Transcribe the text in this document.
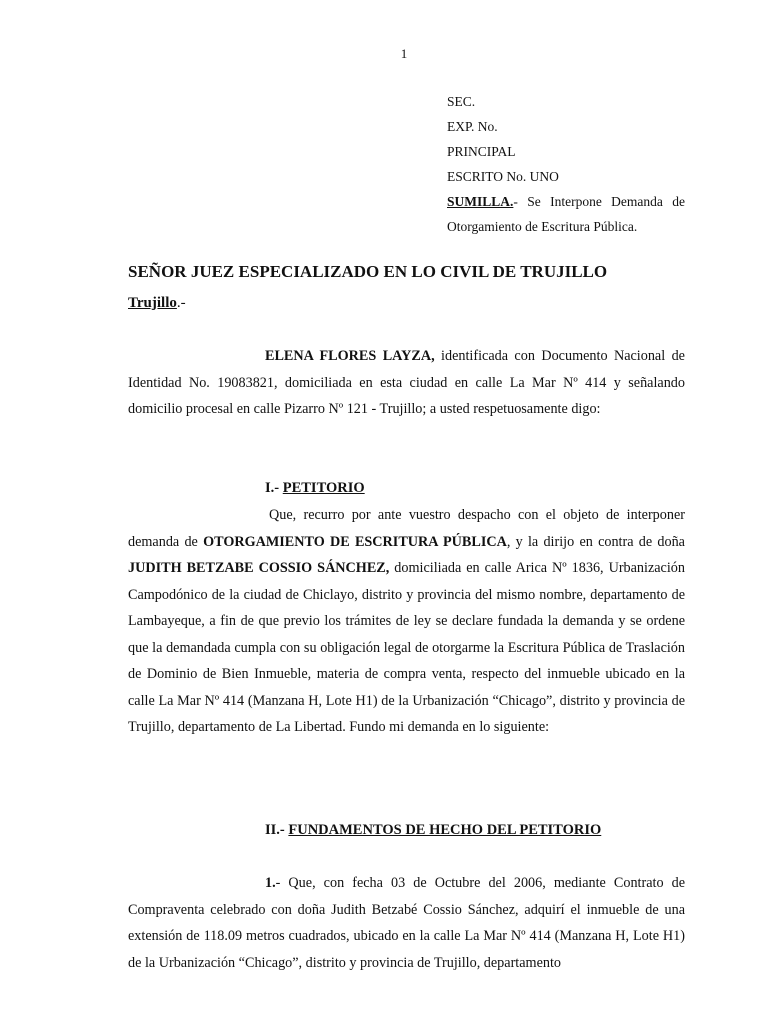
1
SEC.
EXP. No.
PRINCIPAL
ESCRITO No. UNO
SUMILLA.- Se Interpone Demanda de Otorgamiento de Escritura Pública.
SEÑOR JUEZ ESPECIALIZADO EN LO CIVIL DE TRUJILLO
Trujillo.-
ELENA FLORES LAYZA, identificada con Documento Nacional de Identidad No. 19083821, domiciliada en esta ciudad en calle La Mar Nº 414 y señalando domicilio procesal en calle Pizarro Nº 121 - Trujillo; a usted respetuosamente digo:
I.- PETITORIO
Que, recurro por ante vuestro despacho con el objeto de interponer demanda de OTORGAMIENTO DE ESCRITURA PÚBLICA, y la dirijo en contra de doña JUDITH BETZABE COSSIO SÁNCHEZ, domiciliada en calle Arica Nº 1836, Urbanización Campodónico de la ciudad de Chiclayo, distrito y provincia del mismo nombre, departamento de Lambayeque, a fin de que previo los trámites de ley se declare fundada la demanda y se ordene que la demandada cumpla con su obligación legal de otorgarme la Escritura Pública de Traslación de Dominio de Bien Inmueble, materia de compra venta, respecto del inmueble ubicado en la calle La Mar Nº 414 (Manzana H, Lote H1) de la Urbanización “Chicago”, distrito y provincia de Trujillo, departamento de La Libertad. Fundo mi demanda en lo siguiente:
II.- FUNDAMENTOS DE HECHO DEL PETITORIO
1.- Que, con fecha 03 de Octubre del 2006, mediante Contrato de Compraventa celebrado con doña Judith Betzabé Cossio Sánchez, adquirí el inmueble de una extensión de 118.09 metros cuadrados, ubicado en la calle La Mar Nº 414 (Manzana H, Lote H1) de la Urbanización “Chicago”, distrito y provincia de Trujillo, departamento
